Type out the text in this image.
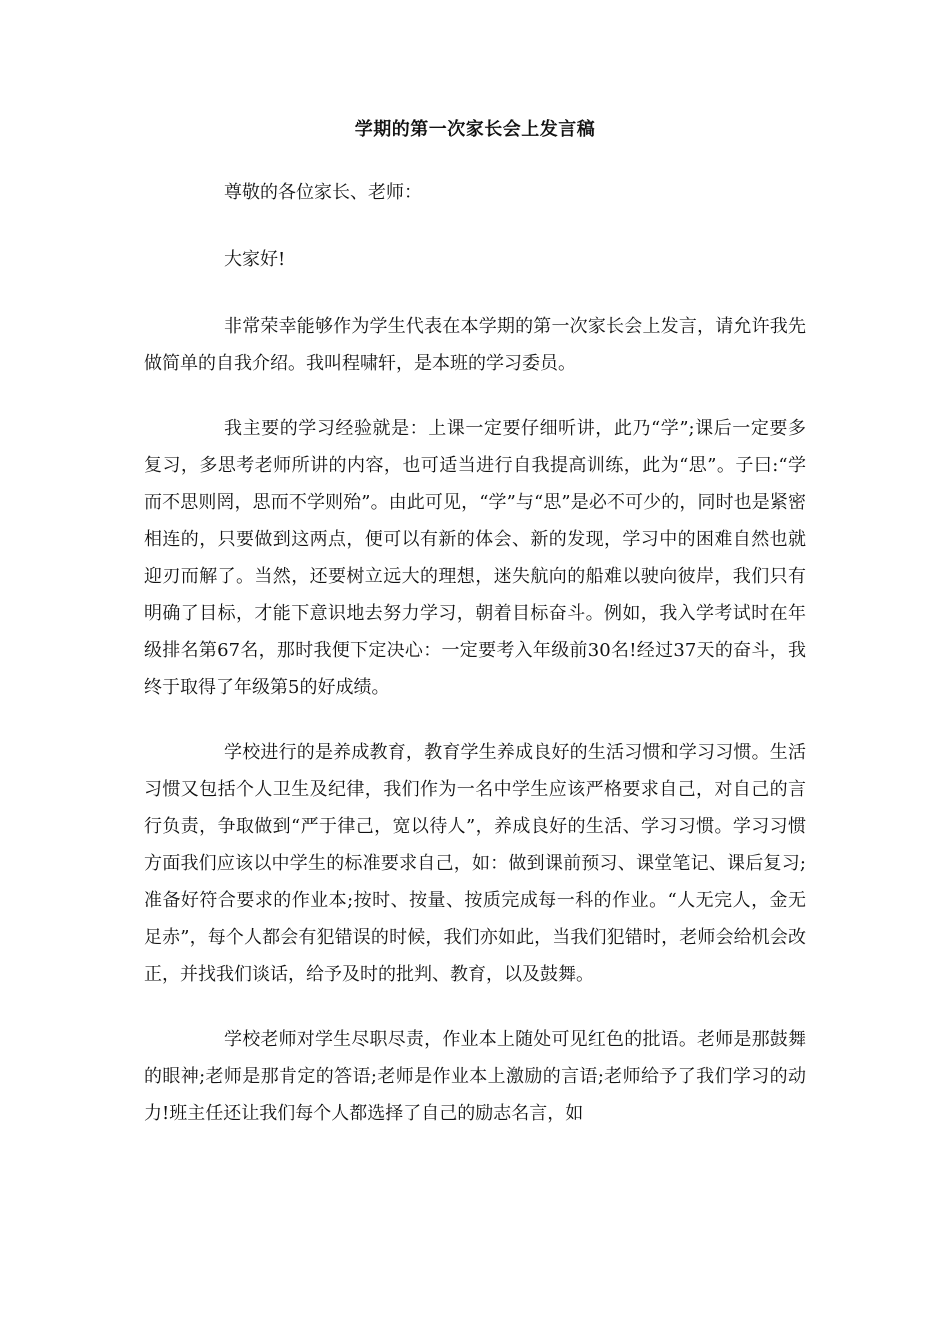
学期的第一次家长会上发言稿

尊敬的各位家长、老师：

大家好!

非常荣幸能够作为学生代表在本学期的第一次家长会上发言，请允许我先做简单的自我介绍。我叫程啸轩，是本班的学习委员。

我主要的学习经验就是：上课一定要仔细听讲，此乃“学”;课后一定要多复习，多思考老师所讲的内容，也可适当进行自我提高训练，此为“思”。子曰:“学而不思则罔，思而不学则殆”。由此可见，“学”与“思”是必不可少的，同时也是紧密相连的，只要做到这两点，便可以有新的体会、新的发现，学习中的困难自然也就迎刃而解了。当然，还要树立远大的理想，迷失航向的船难以驶向彼岸，我们只有明确了目标，才能下意识地去努力学习，朝着目标奋斗。例如，我入学考试时在年级排名第67名，那时我便下定决心：一定要考入年级前30名!经过37天的奋斗，我终于取得了年级第5的好成绩。

学校进行的是养成教育，教育学生养成良好的生活习惯和学习习惯。生活习惯又包括个人卫生及纪律，我们作为一名中学生应该严格要求自己，对自己的言行负责，争取做到“严于律己，宽以待人”，养成良好的生活、学习习惯。学习习惯方面我们应该以中学生的标准要求自己，如：做到课前预习、课堂笔记、课后复习;准备好符合要求的作业本;按时、按量、按质完成每一科的作业。“人无完人，金无足赤”，每个人都会有犯错误的时候，我们亦如此，当我们犯错时，老师会给机会改正，并找我们谈话，给予及时的批判、教育，以及鼓舞。

学校老师对学生尽职尽责，作业本上随处可见红色的批语。老师是那鼓舞的眼神;老师是那肯定的答语;老师是作业本上激励的言语;老师给予了我们学习的动力!班主任还让我们每个人都选择了自己的励志名言，如
